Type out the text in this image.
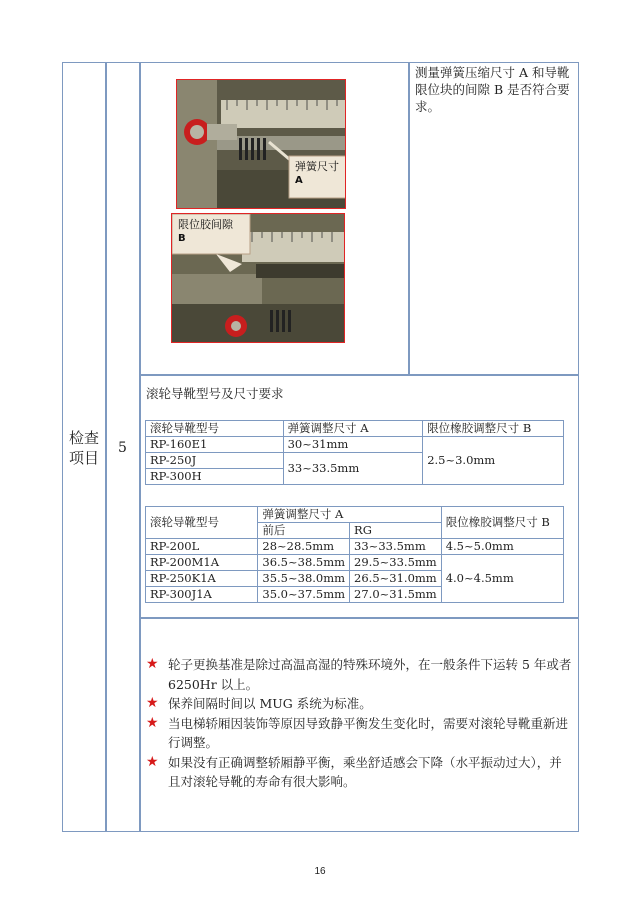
检查
项目
5
弹簧尺寸
A
限位胶间隙
B
测量弹簧压缩尺寸 A 和导靴限位块的间隙 B 是否符合要求。
滚轮导靴型号及尺寸要求
滚轮导靴型号	弹簧调整尺寸 A	限位橡胶调整尺寸 B
RP-160E1	30~31mm	2.5~3.0mm
RP-250J	33~33.5mm	
RP-300H		
滚轮导靴型号	弹簧调整尺寸 A		限位橡胶调整尺寸 B
	前后	RG	
RP-200L	28~28.5mm	33~33.5mm	4.5~5.0mm
RP-200M1A	36.5~38.5mm	29.5~33.5mm	4.0~4.5mm
RP-250K1A	35.5~38.0mm	26.5~31.0mm	
RP-300J1A	35.0~37.5mm	27.0~31.5mm	
★ 轮子更换基准是除过高温高湿的特殊环境外，在一般条件下运转 5 年或者 6250Hr 以上。
★ 保养间隔时间以 MUG 系统为标准。
★ 当电梯轿厢因装饰等原因导致静平衡发生变化时，需要对滚轮导靴重新进行调整。
★ 如果没有正确调整轿厢静平衡，乘坐舒适感会下降（水平振动过大），并且对滚轮导靴的寿命有很大影响。
16
